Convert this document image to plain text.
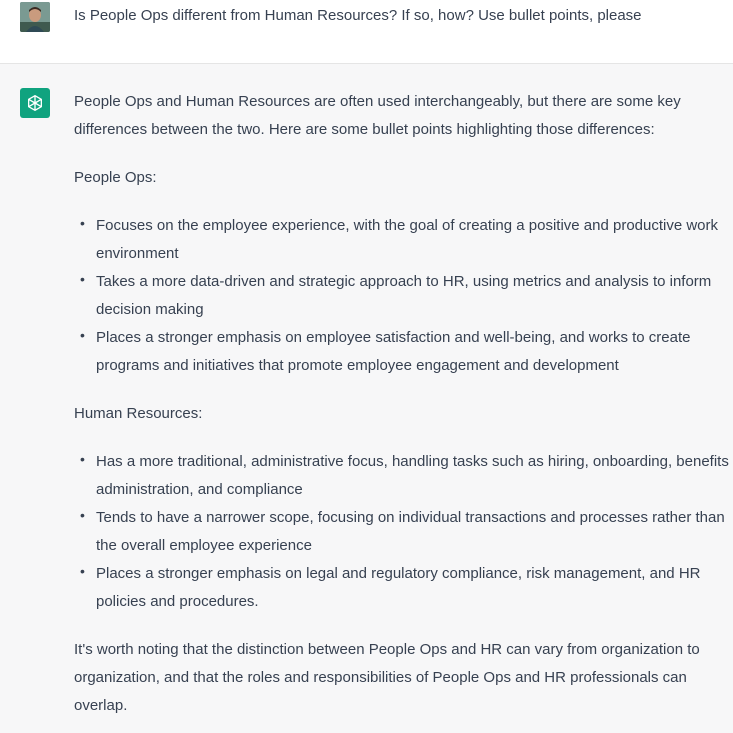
Is People Ops different from Human Resources? If so, how? Use bullet points, please

People Ops and Human Resources are often used interchangeably, but there are some key differences between the two. Here are some bullet points highlighting those differences:

People Ops:

• Focuses on the employee experience, with the goal of creating a positive and productive work environment
• Takes a more data-driven and strategic approach to HR, using metrics and analysis to inform decision making
• Places a stronger emphasis on employee satisfaction and well-being, and works to create programs and initiatives that promote employee engagement and development

Human Resources:

• Has a more traditional, administrative focus, handling tasks such as hiring, onboarding, benefits administration, and compliance
• Tends to have a narrower scope, focusing on individual transactions and processes rather than the overall employee experience
• Places a stronger emphasis on legal and regulatory compliance, risk management, and HR policies and procedures.

It's worth noting that the distinction between People Ops and HR can vary from organization to organization, and that the roles and responsibilities of People Ops and HR professionals can overlap.
